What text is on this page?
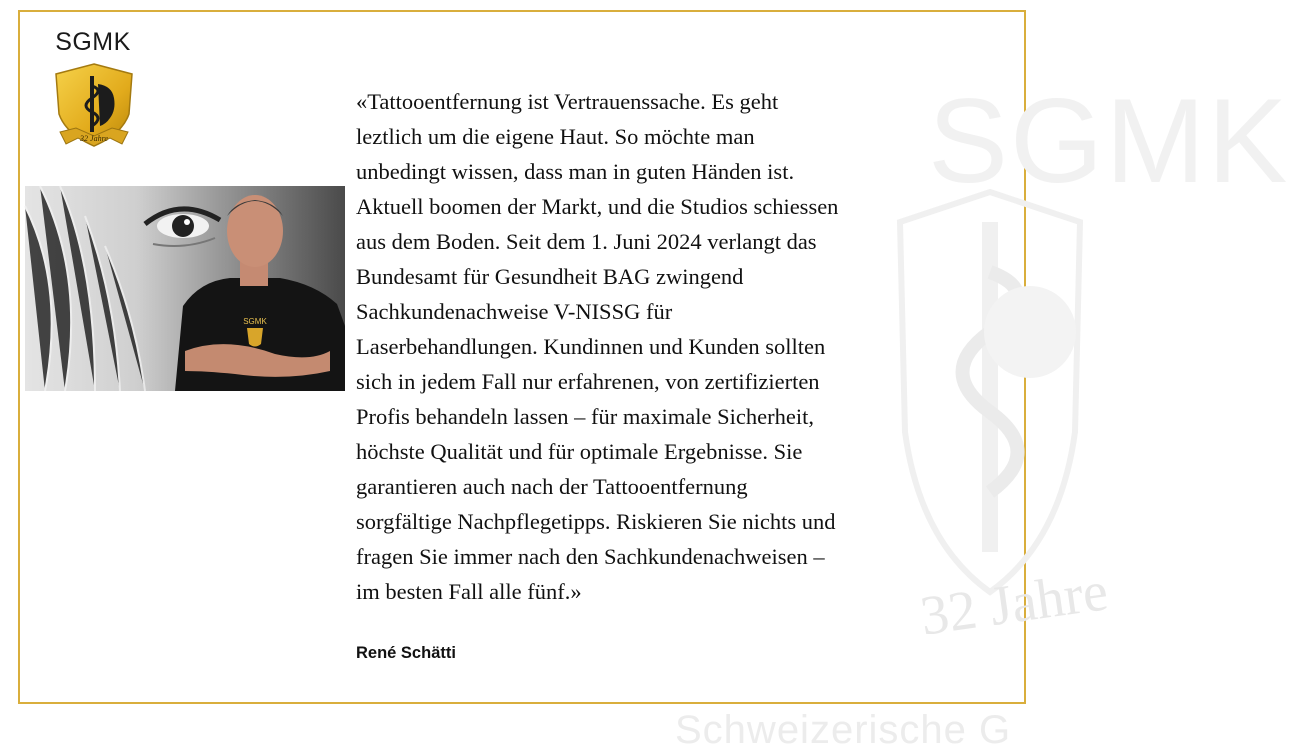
SGMK
32 Jahre
Schweizerische G
SGMK
32 Jahre
SGMK

«Tattooentfernung ist Vertrauenssache. Es geht
leztlich um die eigene Haut. So möchte man
unbedingt wissen, dass man in guten Händen ist.
Aktuell boomen der Markt, und die Studios schiessen
aus dem Boden. Seit dem 1. Juni 2024 verlangt das
Bundesamt für Gesundheit BAG zwingend
Sachkundenachweise V-NISSG für
Laserbehandlungen. Kundinnen und Kunden sollten
sich in jedem Fall nur erfahrenen, von zertifizierten
Profis behandeln lassen – für maximale Sicherheit,
höchste Qualität und für optimale Ergebnisse. Sie
garantieren auch nach der Tattooentfernung
sorgfältige Nachpflegetipps. Riskieren Sie nichts und
fragen Sie immer nach den Sachkundenachweisen –
im besten Fall alle fünf.»

René Schätti
